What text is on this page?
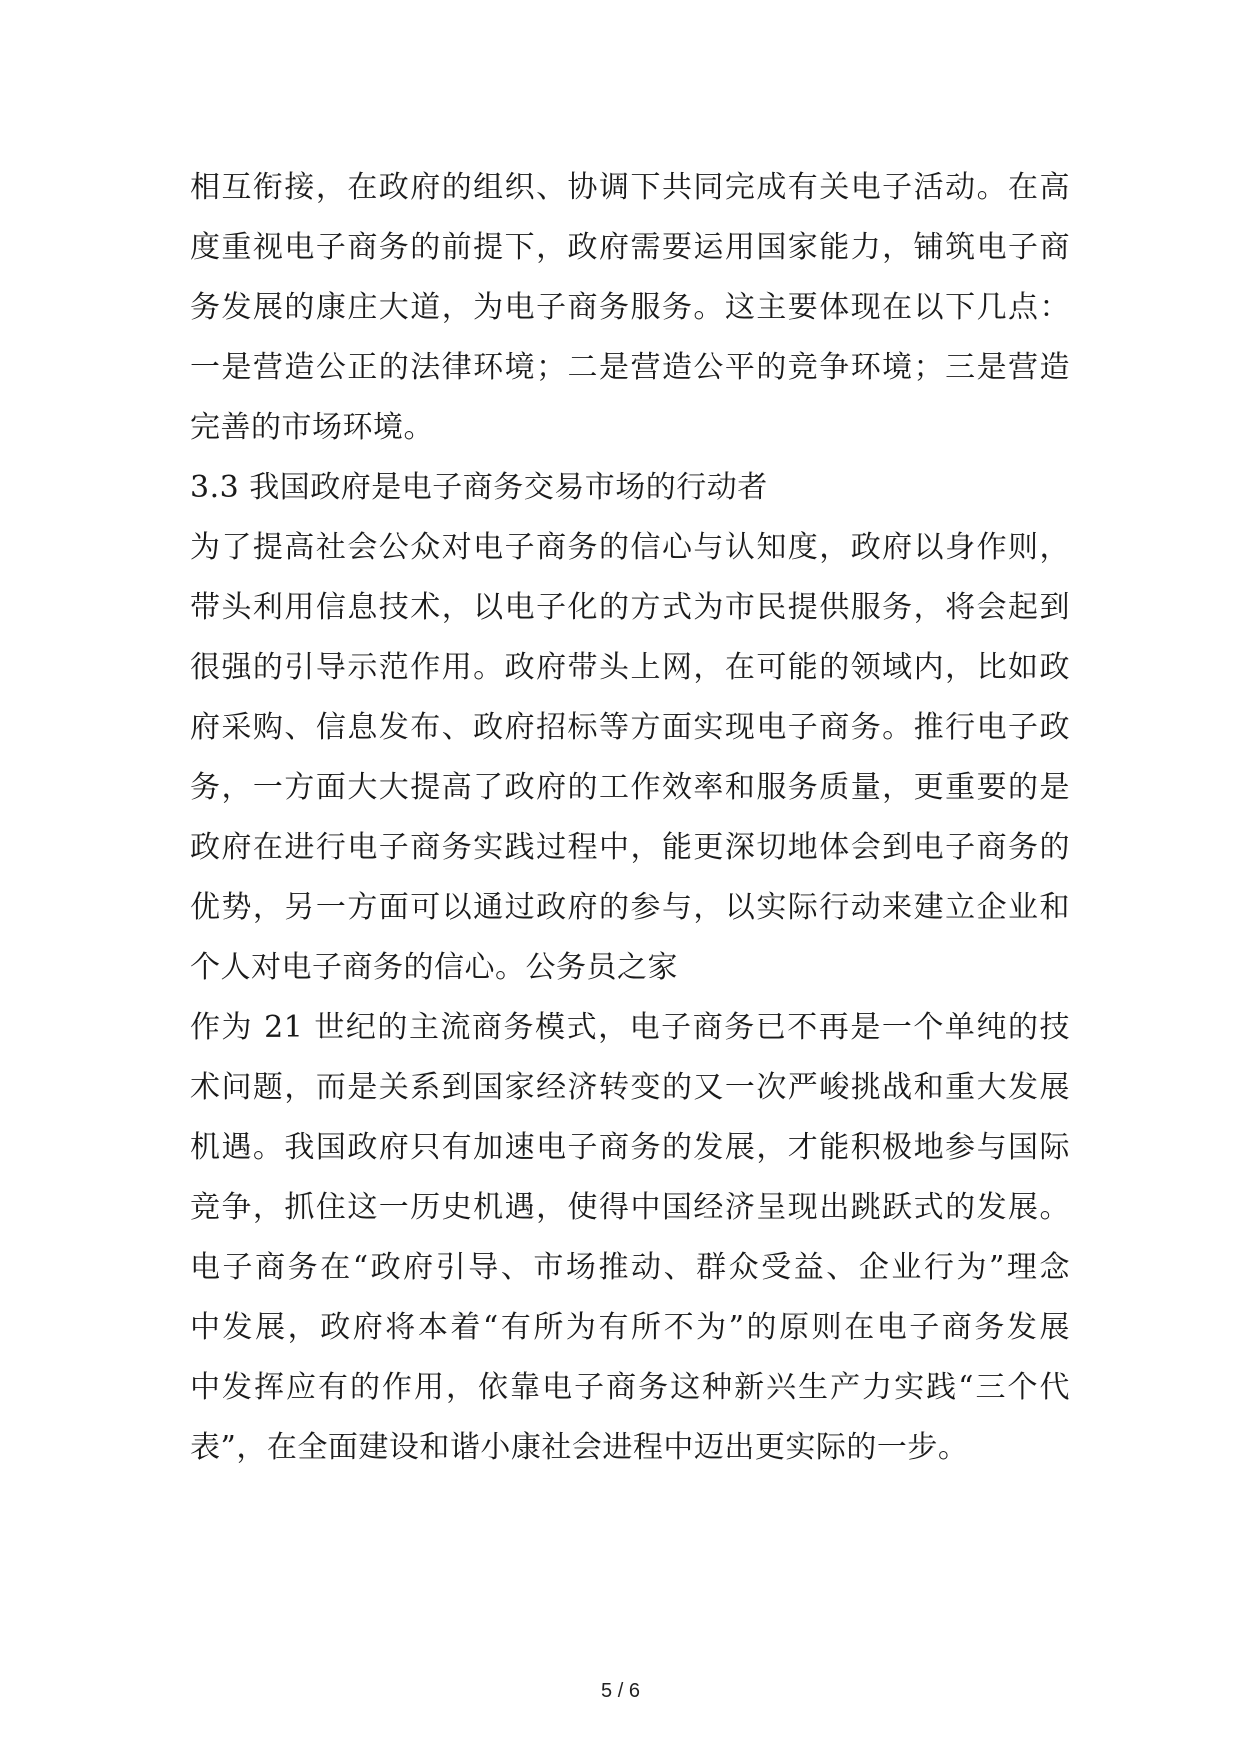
相互衔接，在政府的组织、协调下共同完成有关电子活动。在高
度重视电子商务的前提下，政府需要运用国家能力，铺筑电子商
务发展的康庄大道，为电子商务服务。这主要体现在以下几点：
一是营造公正的法律环境；二是营造公平的竞争环境；三是营造
完善的市场环境。
3.3 我国政府是电子商务交易市场的行动者
为了提高社会公众对电子商务的信心与认知度，政府以身作则，
带头利用信息技术，以电子化的方式为市民提供服务，将会起到
很强的引导示范作用。政府带头上网，在可能的领域内，比如政
府采购、信息发布、政府招标等方面实现电子商务。推行电子政
务，一方面大大提高了政府的工作效率和服务质量，更重要的是
政府在进行电子商务实践过程中，能更深切地体会到电子商务的
优势，另一方面可以通过政府的参与，以实际行动来建立企业和
个人对电子商务的信心。公务员之家
作为 21 世纪的主流商务模式，电子商务已不再是一个单纯的技
术问题，而是关系到国家经济转变的又一次严峻挑战和重大发展
机遇。我国政府只有加速电子商务的发展，才能积极地参与国际
竞争，抓住这一历史机遇，使得中国经济呈现出跳跃式的发展。
电子商务在“政府引导、市场推动、群众受益、企业行为”理念
中发展，政府将本着“有所为有所不为”的原则在电子商务发展
中发挥应有的作用，依靠电子商务这种新兴生产力实践“三个代
表”，在全面建设和谐小康社会进程中迈出更实际的一步。
5 / 6
